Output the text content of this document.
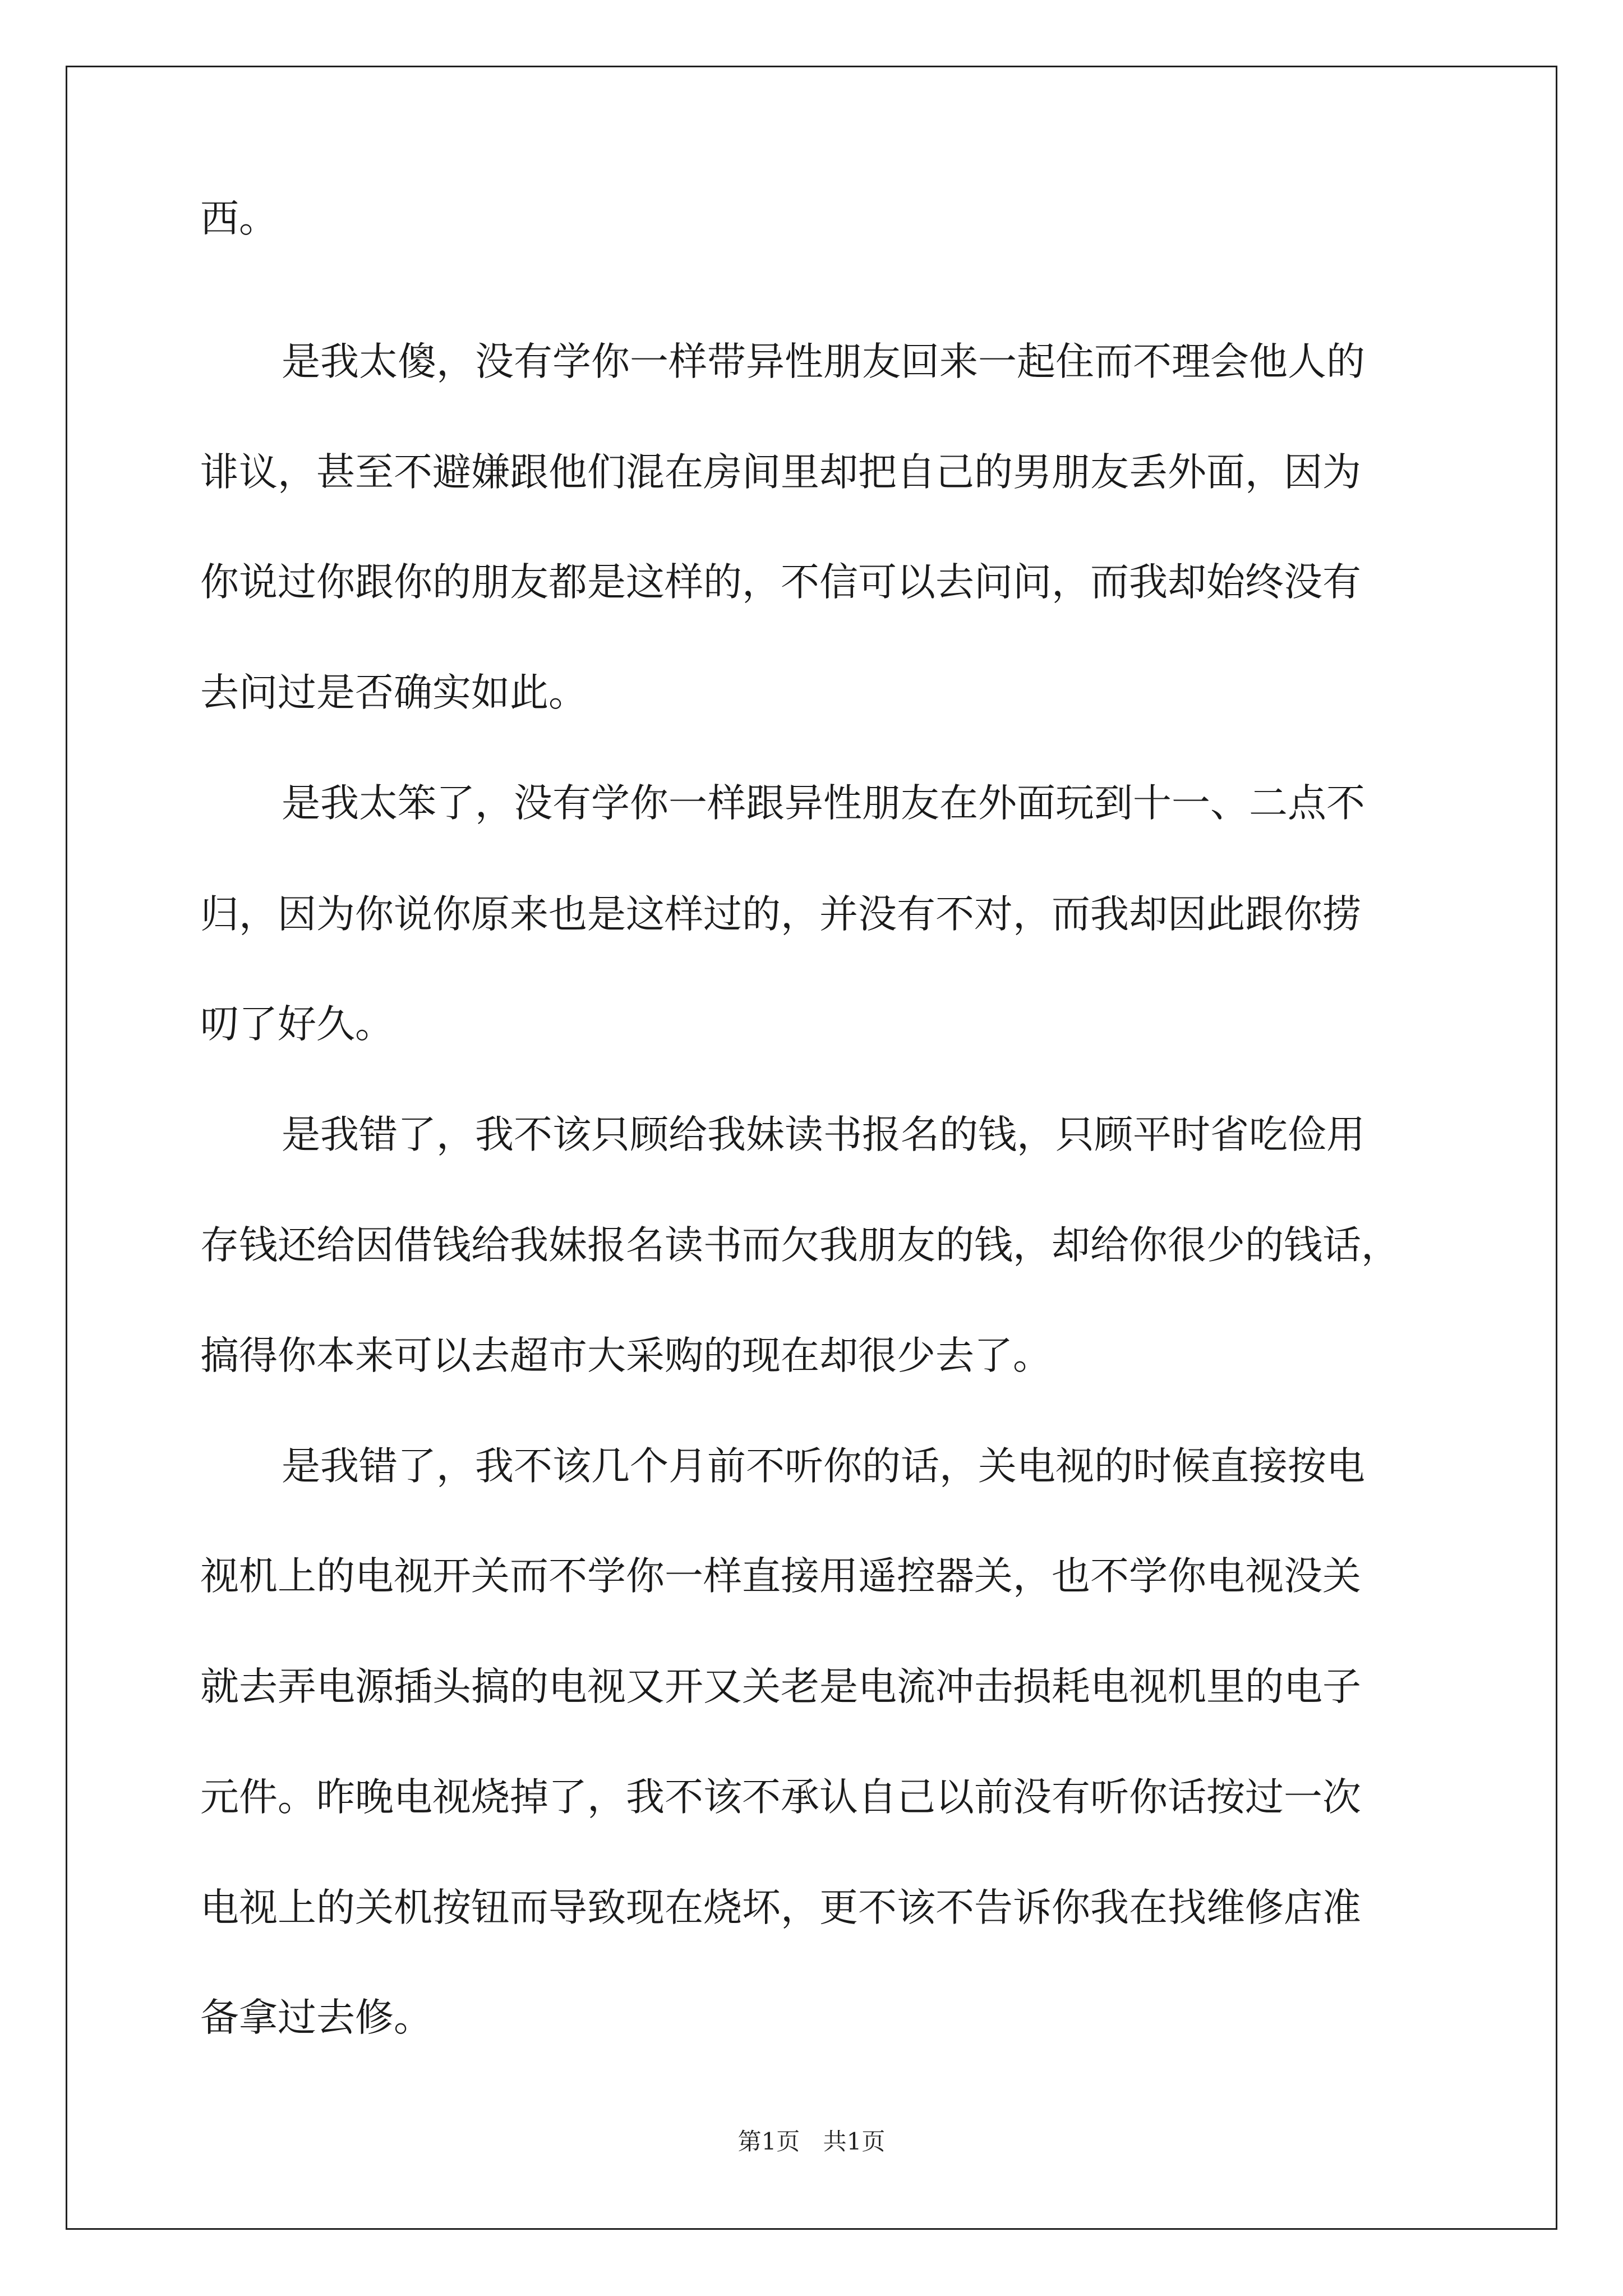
西。
是我太傻，没有学你一样带异性朋友回来一起住而不理会他人的
诽议，甚至不避嫌跟他们混在房间里却把自己的男朋友丢外面，因为
你说过你跟你的朋友都是这样的，不信可以去问问，而我却始终没有
去问过是否确实如此。
是我太笨了，没有学你一样跟异性朋友在外面玩到十一、二点不
归，因为你说你原来也是这样过的，并没有不对，而我却因此跟你捞
叨了好久。
是我错了，我不该只顾给我妹读书报名的钱，只顾平时省吃俭用
存钱还给因借钱给我妹报名读书而欠我朋友的钱，却给你很少的钱话，
搞得你本来可以去超市大采购的现在却很少去了。
是我错了，我不该几个月前不听你的话，关电视的时候直接按电
视机上的电视开关而不学你一样直接用遥控器关，也不学你电视没关
就去弄电源插头搞的电视又开又关老是电流冲击损耗电视机里的电子
元件。昨晚电视烧掉了，我不该不承认自己以前没有听你话按过一次
电视上的关机按钮而导致现在烧坏，更不该不告诉你我在找维修店准
备拿过去修。
第1页 共1页
